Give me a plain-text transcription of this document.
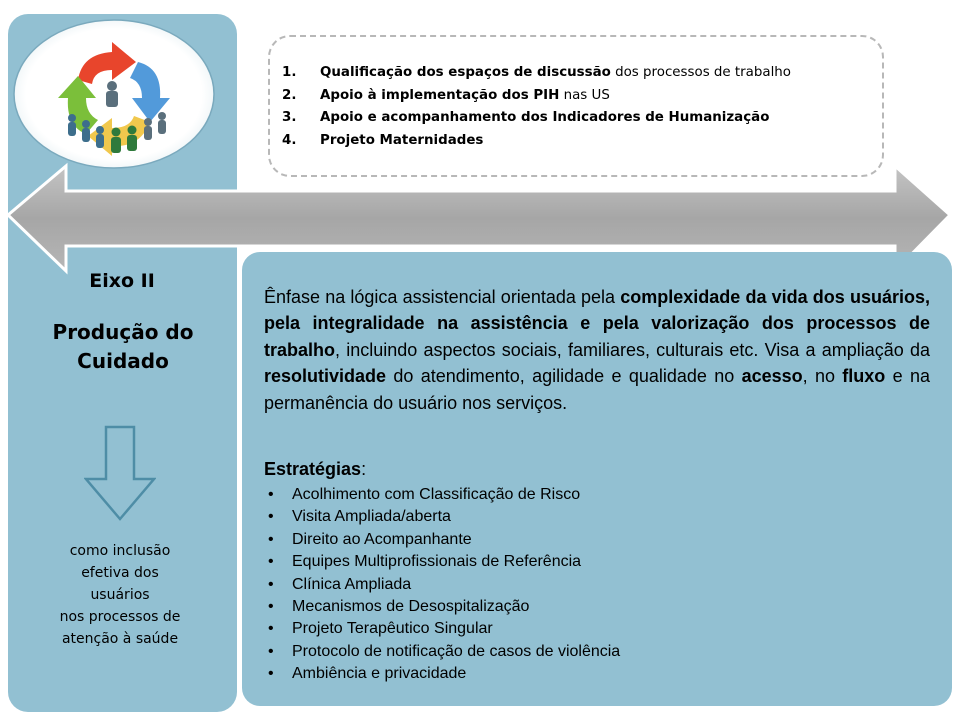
1. Qualificação dos espaços de discussão dos processos de trabalho
2. Apoio à implementação dos PIH nas US
3. Apoio e acompanhamento dos Indicadores de Humanização
4. Projeto Maternidades
Eixo II
Produção do Cuidado
como inclusão
efetiva dos
usuários
nos processos de
atenção à saúde
Ênfase na lógica assistencial orientada pela complexidade da vida dos usuários, pela integralidade na assistência e pela valorização dos processos de trabalho, incluindo aspectos sociais, familiares, culturais etc. Visa a ampliação da resolutividade do atendimento, agilidade e qualidade no acesso, no fluxo e na permanência do usuário nos serviços.
Estratégias:
• Acolhimento com Classificação de Risco
• Visita Ampliada/aberta
• Direito ao Acompanhante
• Equipes Multiprofissionais de Referência
• Clínica Ampliada
• Mecanismos de Desospitalização
• Projeto Terapêutico Singular
• Protocolo de notificação de casos de violência
• Ambiência e privacidade
